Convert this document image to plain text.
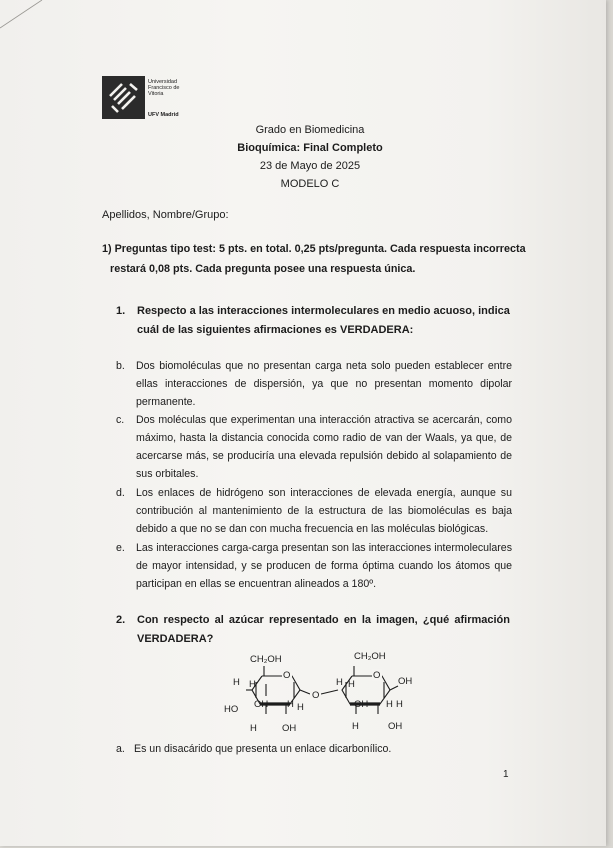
Universidad
Francisco de
Vitoria
UFV Madrid
Grado en Biomedicina
Bioquímica: Final Completo
23 de Mayo de 2025
MODELO C
Apellidos, Nombre/Grupo:
1) Preguntas tipo test: 5 pts. en total. 0,25 pts/pregunta. Cada respuesta incorrecta
restará 0,08 pts. Cada pregunta posee una respuesta única.
1. Respecto a las interacciones intermoleculares en medio acuoso, indica
cuál de las siguientes afirmaciones es VERDADERA:
b. Dos biomoléculas que no presentan carga neta solo pueden establecer entre
ellas interacciones de dispersión, ya que no presentan momento dipolar
permanente.
c. Dos moléculas que experimentan una interacción atractiva se acercarán, como
máximo, hasta la distancia conocida como radio de van der Waals, ya que, de
acercarse más, se produciría una elevada repulsión debido al solapamiento de
sus orbitales.
d. Los enlaces de hidrógeno son interacciones de elevada energía, aunque su
contribución al mantenimiento de la estructura de las biomoléculas es baja
debido a que no se dan con mucha frecuencia en las moléculas biológicas.
e. Las interacciones carga-carga presentan son las interacciones intermoleculares
de mayor intensidad, y se producen de forma óptima cuando los átomos que
participan en ellas se encuentran alineados a 180º.
2. Con respecto al azúcar representado en la imagen, ¿qué afirmación
VERDADERA?
CH₂OH
O
H H
HO OH H H
H	OH
O
CH₂OH
O
OH
H H
OH H H
H	OH
a. Es un disacárido que presenta un enlace dicarbonílico.
1
